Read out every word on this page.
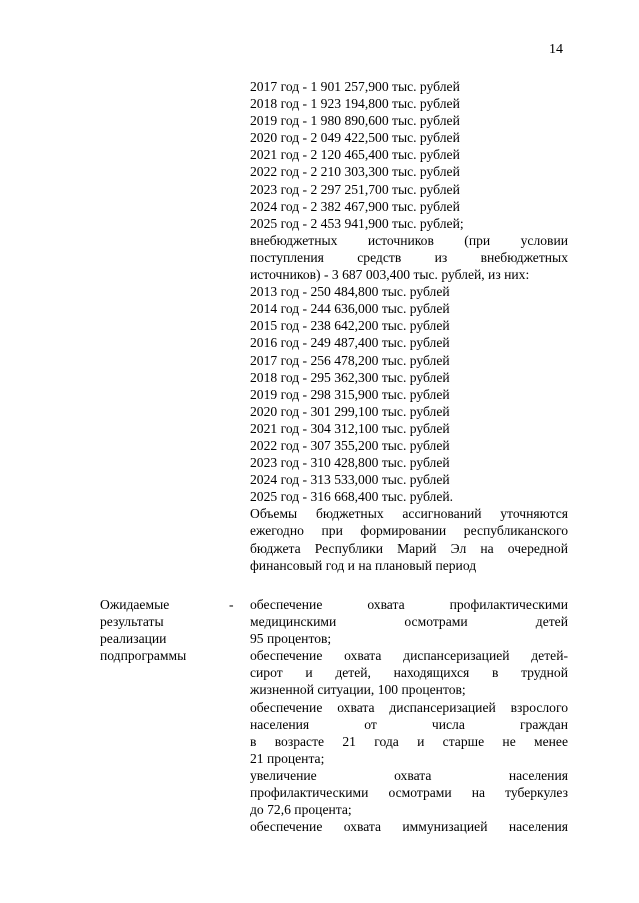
14
2017 год - 1 901 257,900 тыс. рублей
2018 год - 1 923 194,800 тыс. рублей
2019 год - 1 980 890,600 тыс. рублей
2020 год - 2 049 422,500 тыс. рублей
2021 год - 2 120 465,400 тыс. рублей
2022 год - 2 210 303,300 тыс. рублей
2023 год - 2 297 251,700 тыс. рублей
2024 год - 2 382 467,900 тыс. рублей
2025 год - 2 453 941,900 тыс. рублей;
внебюджетных источников (при условии
поступления средств из внебюджетных
источников) - 3 687 003,400 тыс. рублей, из них:
2013 год - 250 484,800 тыс. рублей
2014 год - 244 636,000 тыс. рублей
2015 год - 238 642,200 тыс. рублей
2016 год - 249 487,400 тыс. рублей
2017 год - 256 478,200 тыс. рублей
2018 год - 295 362,300 тыс. рублей
2019 год - 298 315,900 тыс. рублей
2020 год - 301 299,100 тыс. рублей
2021 год - 304 312,100 тыс. рублей
2022 год - 307 355,200 тыс. рублей
2023 год - 310 428,800 тыс. рублей
2024 год - 313 533,000 тыс. рублей
2025 год - 316 668,400 тыс. рублей.
Объемы бюджетных ассигнований уточняются
ежегодно при формировании республиканского
бюджета Республики Марий Эл на очередной
финансовый год и на плановый период
Ожидаемые
результаты
реализации
подпрограммы
- обеспечение охвата профилактическими
медицинскими осмотрами детей
95 процентов;
обеспечение охвата диспансеризацией детей-
сирот и детей, находящихся в трудной
жизненной ситуации, 100 процентов;
обеспечение охвата диспансеризацией взрослого
населения от числа граждан
в возрасте 21 года и старше не менее
21 процента;
увеличение охвата населения
профилактическими осмотрами на туберкулез
до 72,6 процента;
обеспечение охвата иммунизацией населения
